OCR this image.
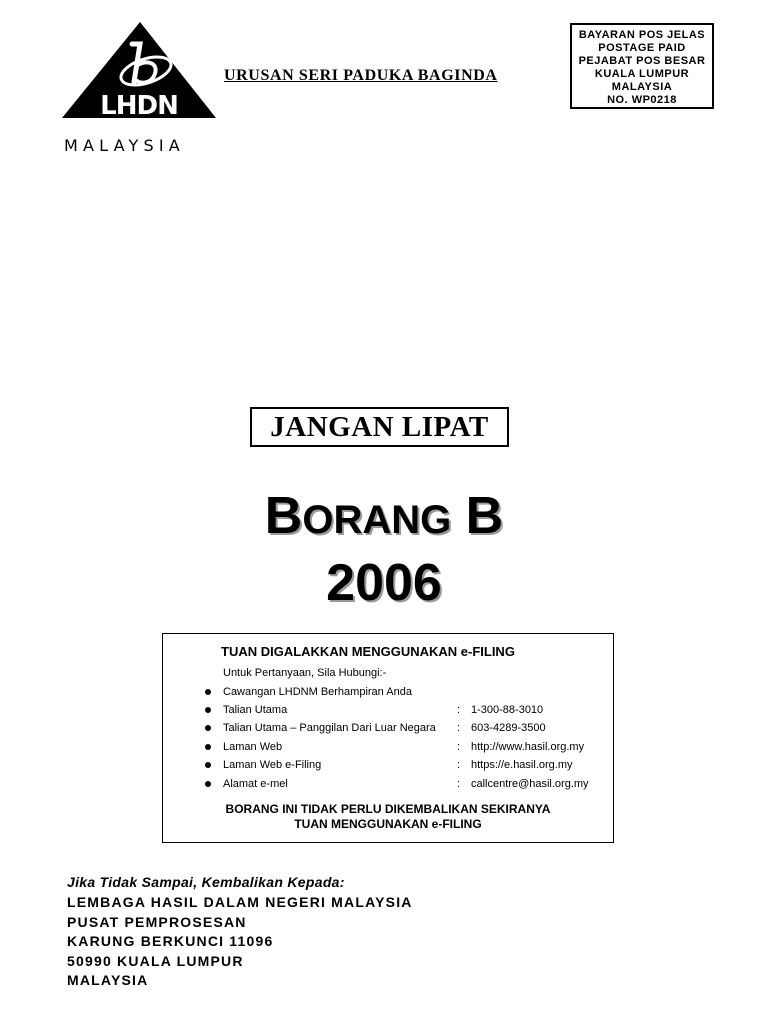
LHDN
MALAYSIA
URUSAN SERI PADUKA BAGINDA
BAYARAN POS JELAS
POSTAGE PAID
PEJABAT POS BESAR
KUALA LUMPUR
MALAYSIA
NO. WP0218
JANGAN LIPAT
BORANG B
2006
TUAN DIGALAKKAN MENGGUNAKAN e-FILING
Untuk Pertanyaan, Sila Hubungi:-
Cawangan LHDNM Berhampiran Anda
Talian Utama	: 1-300-88-3010
Talian Utama – Panggilan Dari Luar Negara : 603-4289-3500
Laman Web	: http://www.hasil.org.my
Laman Web e-Filing	: https://e.hasil.org.my
Alamat e-mel	: callcentre@hasil.org.my
BORANG INI TIDAK PERLU DIKEMBALIKAN SEKIRANYA
TUAN MENGGUNAKAN e-FILING
Jika Tidak Sampai, Kembalikan Kepada:
LEMBAGA HASIL DALAM NEGERI MALAYSIA
PUSAT PEMPROSESAN
KARUNG BERKUNCI 11096
50990 KUALA LUMPUR
MALAYSIA
